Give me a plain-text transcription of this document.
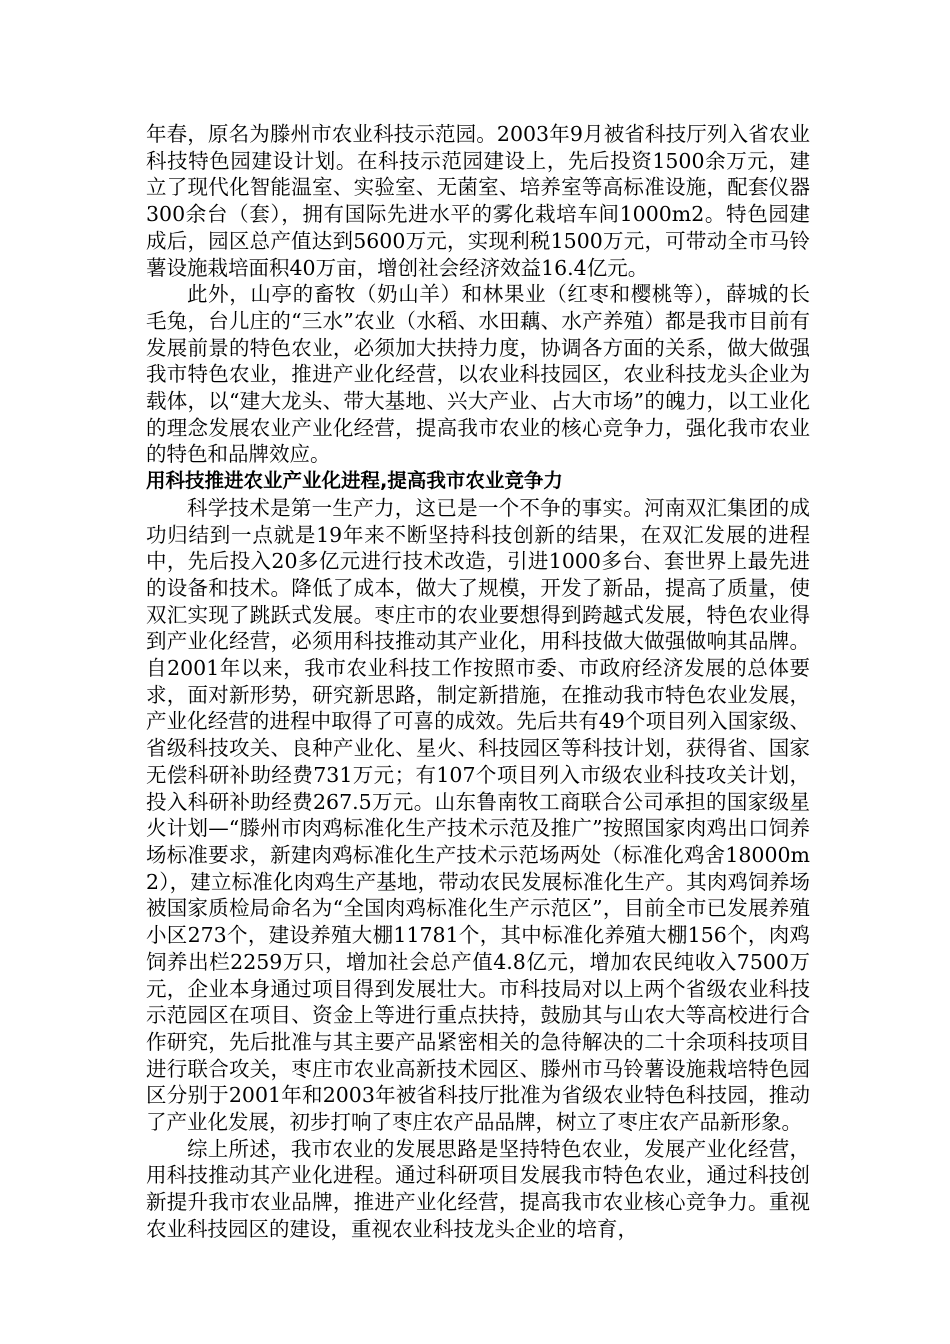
年春，原名为滕州市农业科技示范园。2003年9月被省科技厅列入省农业科技特色园建设计划。在科技示范园建设上，先后投资1500余万元，建立了现代化智能温室、实验室、无菌室、培养室等高标准设施，配套仪器300余台（套），拥有国际先进水平的雾化栽培车间1000m2。特色园建成后，园区总产值达到5600万元，实现利税1500万元，可带动全市马铃薯设施栽培面积40万亩，增创社会经济效益16.4亿元。

此外，山亭的畜牧（奶山羊）和林果业（红枣和樱桃等），薛城的长毛兔，台儿庄的“三水”农业（水稻、水田藕、水产养殖）都是我市目前有发展前景的特色农业，必须加大扶持力度，协调各方面的关系，做大做强我市特色农业，推进产业化经营，以农业科技园区，农业科技龙头企业为载体，以“建大龙头、带大基地、兴大产业、占大市场”的魄力，以工业化的理念发展农业产业化经营，提高我市农业的核心竞争力，强化我市农业的特色和品牌效应。

用科技推进农业产业化进程,提高我市农业竞争力

科学技术是第一生产力，这已是一个不争的事实。河南双汇集团的成功归结到一点就是19年来不断坚持科技创新的结果，在双汇发展的进程中，先后投入20多亿元进行技术改造，引进1000多台、套世界上最先进的设备和技术。降低了成本，做大了规模，开发了新品，提高了质量，使双汇实现了跳跃式发展。枣庄市的农业要想得到跨越式发展，特色农业得到产业化经营，必须用科技推动其产业化，用科技做大做强做响其品牌。自2001年以来，我市农业科技工作按照市委、市政府经济发展的总体要求，面对新形势，研究新思路，制定新措施，在推动我市特色农业发展，产业化经营的进程中取得了可喜的成效。先后共有49个项目列入国家级、省级科技攻关、良种产业化、星火、科技园区等科技计划，获得省、国家无偿科研补助经费731万元；有107个项目列入市级农业科技攻关计划，投入科研补助经费267.5万元。山东鲁南牧工商联合公司承担的国家级星火计划—“滕州市肉鸡标准化生产技术示范及推广”按照国家肉鸡出口饲养场标准要求，新建肉鸡标准化生产技术示范场两处（标准化鸡舍18000m2），建立标准化肉鸡生产基地，带动农民发展标准化生产。其肉鸡饲养场被国家质检局命名为“全国肉鸡标准化生产示范区”，目前全市已发展养殖小区273个，建设养殖大棚11781个，其中标准化养殖大棚156个，肉鸡饲养出栏2259万只，增加社会总产值4.8亿元，增加农民纯收入7500万元，企业本身通过项目得到发展壮大。市科技局对以上两个省级农业科技示范园区在项目、资金上等进行重点扶持，鼓励其与山农大等高校进行合作研究，先后批准与其主要产品紧密相关的急待解决的二十余项科技项目进行联合攻关，枣庄市农业高新技术园区、滕州市马铃薯设施栽培特色园区分别于2001年和2003年被省科技厅批准为省级农业特色科技园，推动了产业化发展，初步打响了枣庄农产品品牌，树立了枣庄农产品新形象。

综上所述，我市农业的发展思路是坚持特色农业，发展产业化经营，用科技推动其产业化进程。通过科研项目发展我市特色农业，通过科技创新提升我市农业品牌，推进产业化经营，提高我市农业核心竞争力。重视农业科技园区的建设，重视农业科技龙头企业的培育，
